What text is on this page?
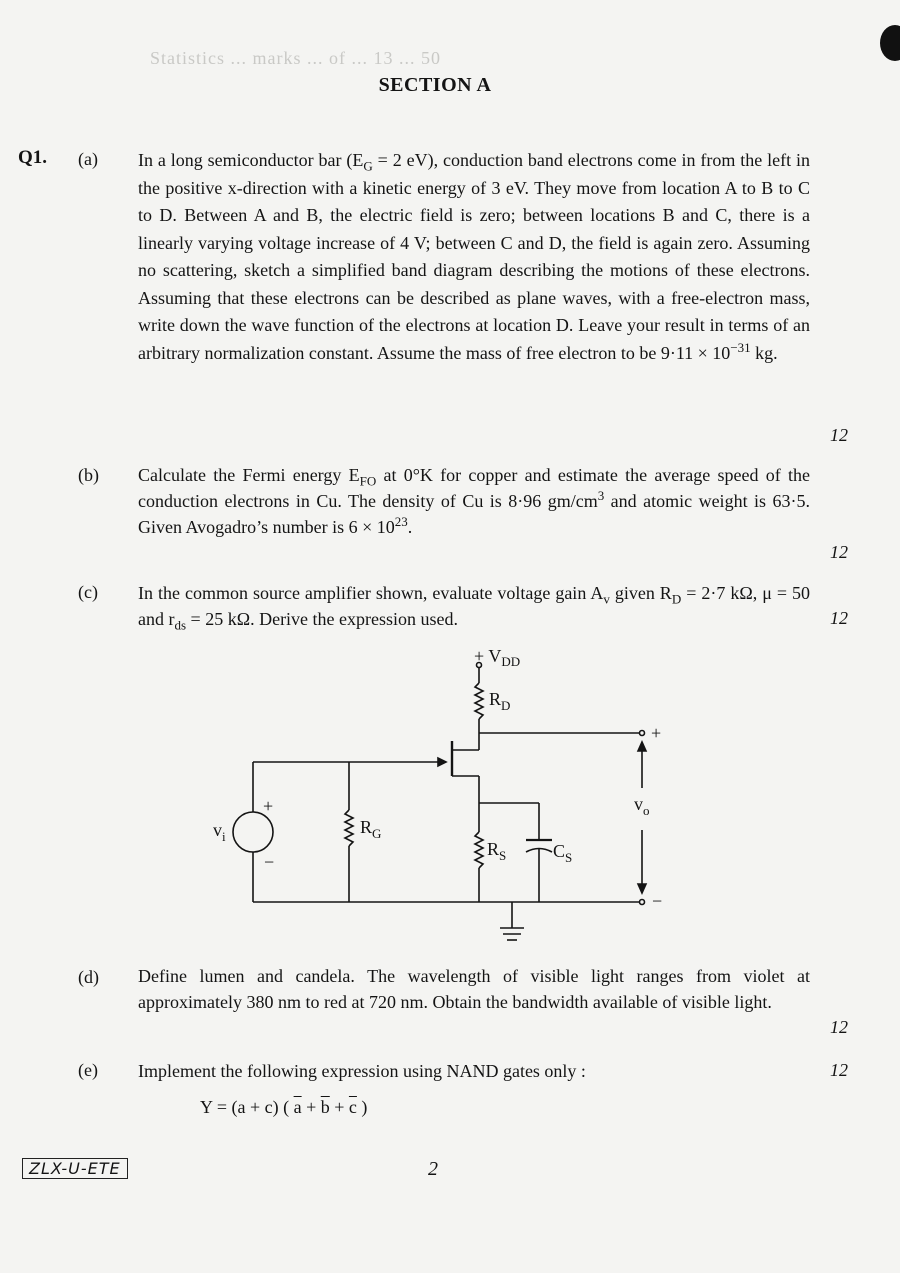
Statistics ... marks ... of ... 13 ... 50
SECTION A
Q1. (a) In a long semiconductor bar ($E_G = 2$ eV), conduction band electrons come in from the left in the positive x-direction with a kinetic energy of 3 eV. They move from location A to B to C to D. Between A and B, the electric field is zero; between locations B and C, there is a linearly varying voltage increase of 4 V; between C and D, the field is again zero. Assuming no scattering, sketch a simplified band diagram describing the motions of these electrons. Assuming that these electrons can be described as plane waves, with a free-electron mass, write down the wave function of the electrons at location D. Leave your result in terms of an arbitrary normalization constant. Assume the mass of free electron to be $9\cdot 11 \times 10^{-31}$ kg.
12
(b) Calculate the Fermi energy $E_{FO}$ at 0°K for copper and estimate the average speed of the conduction electrons in Cu. The density of Cu is 8·96 $gm/cm^3$ and atomic weight is 63·5. Given Avogadro’s number is $6 \times 10^{23}$.
12
(c) In the common source amplifier shown, evaluate voltage gain $A_v$ given $R_D = 2\cdot 7$ kΩ, μ = 50 and $r_{ds} = 25$ kΩ. Derive the expression used.	12
+ $V_{DD}$
$R_D$
$R_G$
$R_S$	$C_S$
$v_i$
$v_o$
+
−
+
−
(d) Define lumen and candela. The wavelength of visible light ranges from violet at approximately 380 nm to red at 720 nm. Obtain the bandwidth available of visible light.
12
(e) Implement the following expression using NAND gates only :	12
Y = (a + c) ( $\overline{a} + \overline{b} + \overline{c}$ )
ZLX-U-ETE	2
